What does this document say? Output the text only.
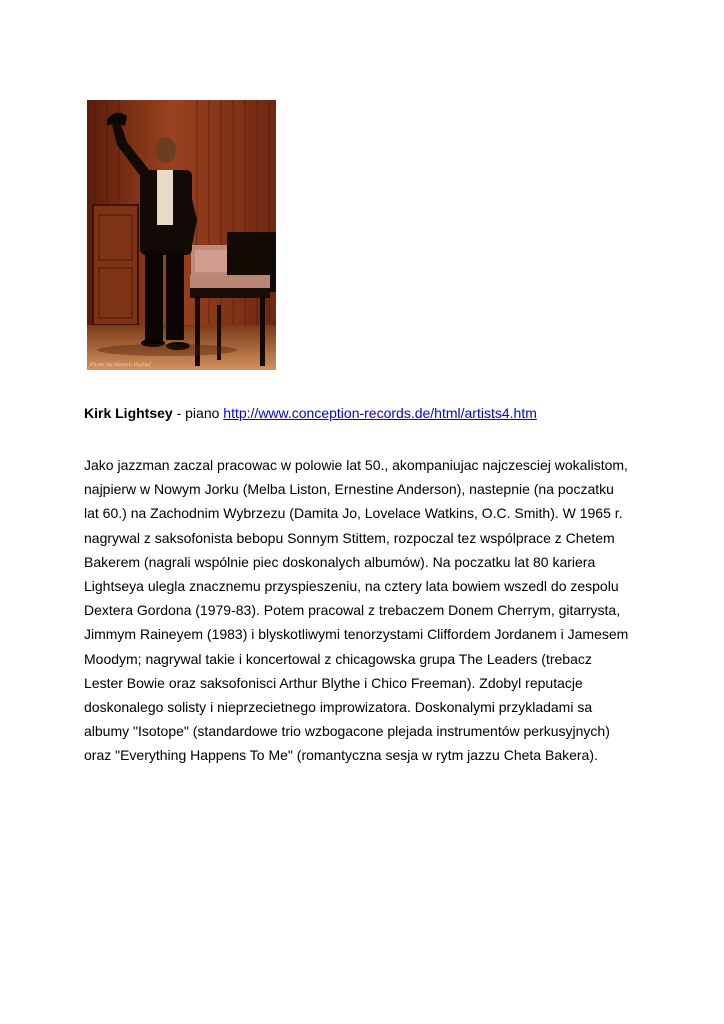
Photo by Marcin Hufnal
Kirk Lightsey - piano http://www.conception-records.de/html/artists4.htm
Jako jazzman zaczal pracowac w polowie lat 50., akompaniujac najczesciej wokalistom,
najpierw w Nowym Jorku (Melba Liston, Ernestine Anderson), nastepnie (na poczatku
lat 60.) na Zachodnim Wybrzezu (Damita Jo, Lovelace Watkins, O.C. Smith). W 1965 r.
nagrywal z saksofonista bebopu Sonnym Stittem, rozpoczal tez wspólprace z Chetem
Bakerem (nagrali wspólnie piec doskonalych albumów). Na poczatku lat 80 kariera
Lightseya ulegla znacznemu przyspieszeniu, na cztery lata bowiem wszedl do zespolu
Dextera Gordona (1979-83). Potem pracowal z trebaczem Donem Cherrym, gitarrysta,
Jimmym Raineyem (1983) i blyskotliwymi tenorzystami Cliffordem Jordanem i Jamesem
Moodym; nagrywal takie i koncertowal z chicagowska grupa The Leaders (trebacz
Lester Bowie oraz saksofonisci Arthur Blythe i Chico Freeman). Zdobyl reputacje
doskonalego solisty i nieprzecietnego improwizatora. Doskonalymi przykladami sa
albumy "Isotope" (standardowe trio wzbogacone plejada instrumentów perkusyjnych)
oraz "Everything Happens To Me" (romantyczna sesja w rytm jazzu Cheta Bakera).
